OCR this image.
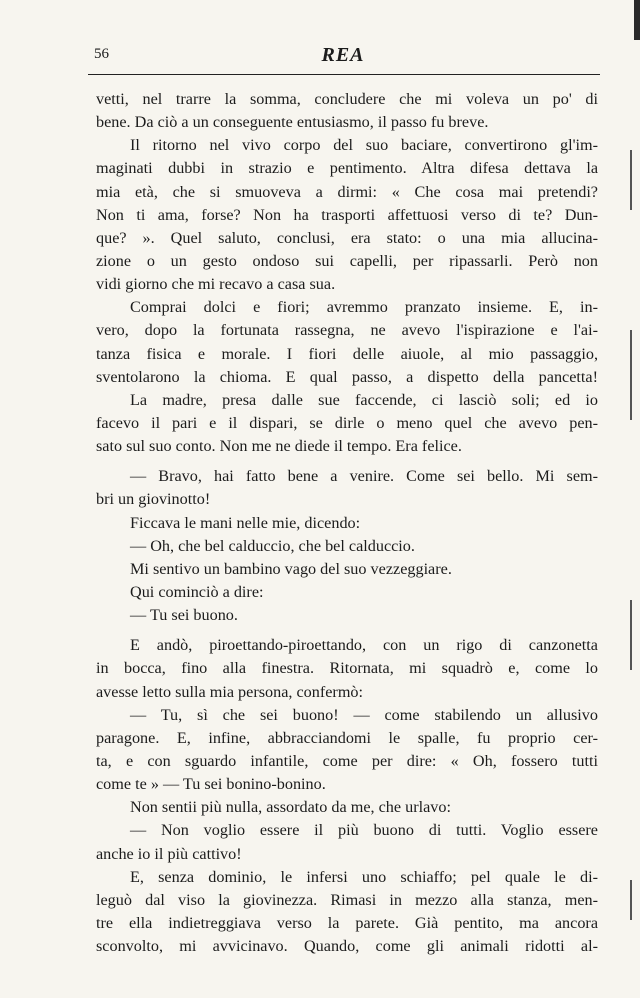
56	REA
vetti, nel trarre la somma, concludere che mi voleva un po' di
bene. Da ciò a un conseguente entusiasmo, il passo fu breve.
Il ritorno nel vivo corpo del suo baciare, convertirono gl'im-
maginati dubbi in strazio e pentimento. Altra difesa dettava la
mia età, che si smuoveva a dirmi: « Che cosa mai pretendi?
Non ti ama, forse? Non ha trasporti affettuosi verso di te? Dun-
que? ». Quel saluto, conclusi, era stato: o una mia allucina-
zione o un gesto ondoso sui capelli, per ripassarli. Però non
vidi giorno che mi recavo a casa sua.
Comprai dolci e fiori; avremmo pranzato insieme. E, in-
vero, dopo la fortunata rassegna, ne avevo l'ispirazione e l'ai-
tanza fisica e morale. I fiori delle aiuole, al mio passaggio,
sventolarono la chioma. E qual passo, a dispetto della pancetta!
La madre, presa dalle sue faccende, ci lasciò soli; ed io
facevo il pari e il dispari, se dirle o meno quel che avevo pen-
sato sul suo conto. Non me ne diede il tempo. Era felice.
— Bravo, hai fatto bene a venire. Come sei bello. Mi sem-
bri un giovinotto!
Ficcava le mani nelle mie, dicendo:
— Oh, che bel calduccio, che bel calduccio.
Mi sentivo un bambino vago del suo vezzeggiare.
Qui cominciò a dire:
— Tu sei buono.
E andò, piroettando-piroettando, con un rigo di canzonetta
in bocca, fino alla finestra. Ritornata, mi squadrò e, come lo
avesse letto sulla mia persona, confermò:
— Tu, sì che sei buono! — come stabilendo un allusivo
paragone. E, infine, abbracciandomi le spalle, fu proprio cer-
ta, e con sguardo infantile, come per dire: « Oh, fossero tutti
come te » — Tu sei bonino-bonino.
Non sentii più nulla, assordato da me, che urlavo:
— Non voglio essere il più buono di tutti. Voglio essere
anche io il più cattivo!
E, senza dominio, le infersi uno schiaffo; pel quale le di-
leguò dal viso la giovinezza. Rimasi in mezzo alla stanza, men-
tre ella indietreggiava verso la parete. Già pentito, ma ancora
sconvolto, mi avvicinavo. Quando, come gli animali ridotti al-
